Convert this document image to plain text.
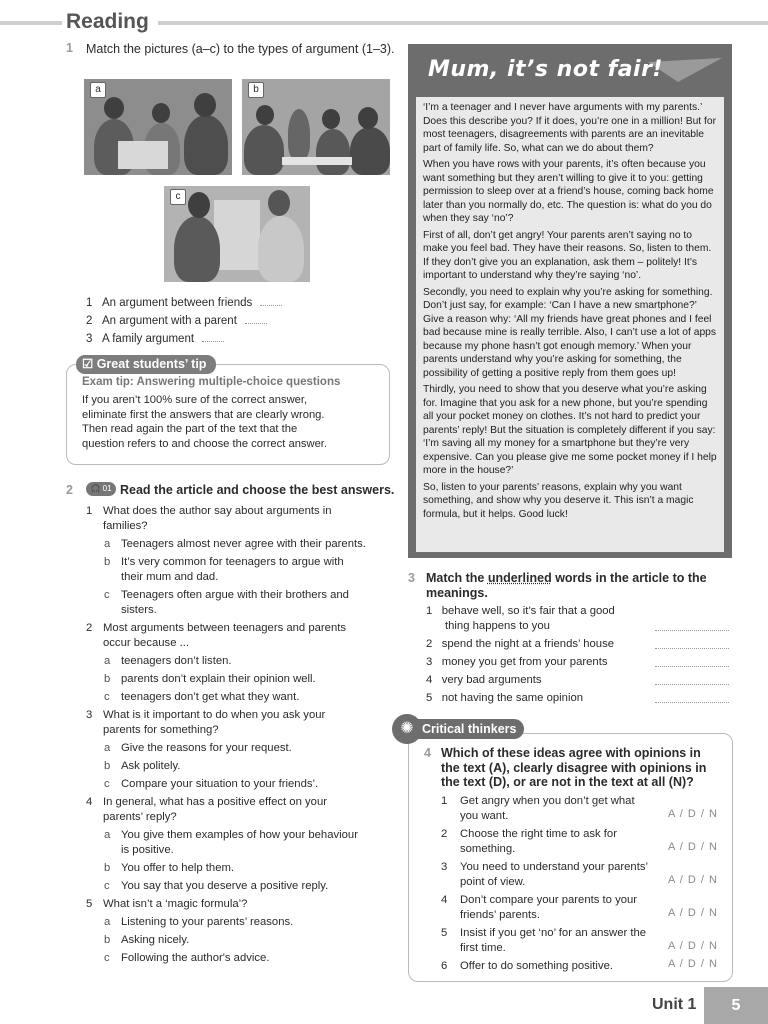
Reading
1 Match the pictures (a–c) to the types of argument (1–3).
a	b
c
1 An argument between friends
2 An argument with a parent
3 A family argument
☑ Great students’ tip
Exam tip: Answering multiple-choice questions
If you aren’t 100% sure of the correct answer,
eliminate first the answers that are clearly wrong.
Then read again the part of the text that the
question refers to and choose the correct answer.
2	🎧 01 Read the article and choose the best answers.
1 What does the author say about arguments in
families?
a Teenagers almost never agree with their parents.
b It’s very common for teenagers to argue with
their mum and dad.
c Teenagers often argue with their brothers and
sisters.
2 Most arguments between teenagers and parents
occur because ...
a teenagers don’t listen.
b parents don’t explain their opinion well.
c teenagers don’t get what they want.
3 What is it important to do when you ask your
parents for something?
a Give the reasons for your request.
b Ask politely.
c Compare your situation to your friends’.
4 In general, what has a positive effect on your
parents’ reply?
a You give them examples of how your behaviour
is positive.
b You offer to help them.
c You say that you deserve a positive reply.
5 What isn’t a ‘magic formula’?
a Listening to your parents’ reasons.
b Asking nicely.
c Following the author's advice.
Mum, it’s not fair!

‘I’m a teenager and I never have arguments with my parents.’ Does this describe you? If it does, you’re one in a million! But for most teenagers, disagreements with parents are an inevitable part of family life. So, what can we do about them?

When you have rows with your parents, it’s often because you want something but they aren’t willing to give it to you: getting permission to sleep over at a friend’s house, coming back home later than you normally do, etc. The question is: what do you do when they say ‘no’?

First of all, don’t get angry! Your parents aren’t saying no to make you feel bad. They have their reasons. So, listen to them. If they don’t give you an explanation, ask them – politely! It’s important to understand why they’re saying ‘no’.

Secondly, you need to explain why you’re asking for something. Don’t just say, for example: ‘Can I have a new smartphone?’ Give a reason why: ‘All my friends have great phones and I feel bad because mine is really terrible. Also, I can’t use a lot of apps because my phone hasn’t got enough memory.’ When your parents understand why you’re asking for something, the possibility of getting a positive reply from them goes up!

Thirdly, you need to show that you deserve what you’re asking for. Imagine that you ask for a new phone, but you’re spending all your pocket money on clothes. It’s not hard to predict your parents’ reply! But the situation is completely different if you say: ‘I’m saving all my money for a smartphone but they’re very expensive. Can you please give me some pocket money if I help more in the house?’

So, listen to your parents’ reasons, explain why you want something, and show why you deserve it. This isn’t a magic formula, but it helps. Good luck!

3 Match the underlined words in the article to the
meanings.
1 behave well, so it’s fair that a good
thing happens to you
2 spend the night at a friends’ house
3 money you get from your parents
4 very bad arguments
5 not having the same opinion
Critical thinkers
✺
4 Which of these ideas agree with opinions in
the text (A), clearly disagree with opinions in
the text (D), or are not in the text at all (N)?
1 Get angry when you don’t get what
you want.	A / D / N
2 Choose the right time to ask for
something.	A / D / N
3 You need to understand your parents’
point of view.	A / D / N
4 Don’t compare your parents to your
friends’ parents.	A / D / N
5 Insist if you get ‘no’ for an answer the
first time.	A / D / N
6 Offer to do something positive.	A / D / N
Unit 1	5
